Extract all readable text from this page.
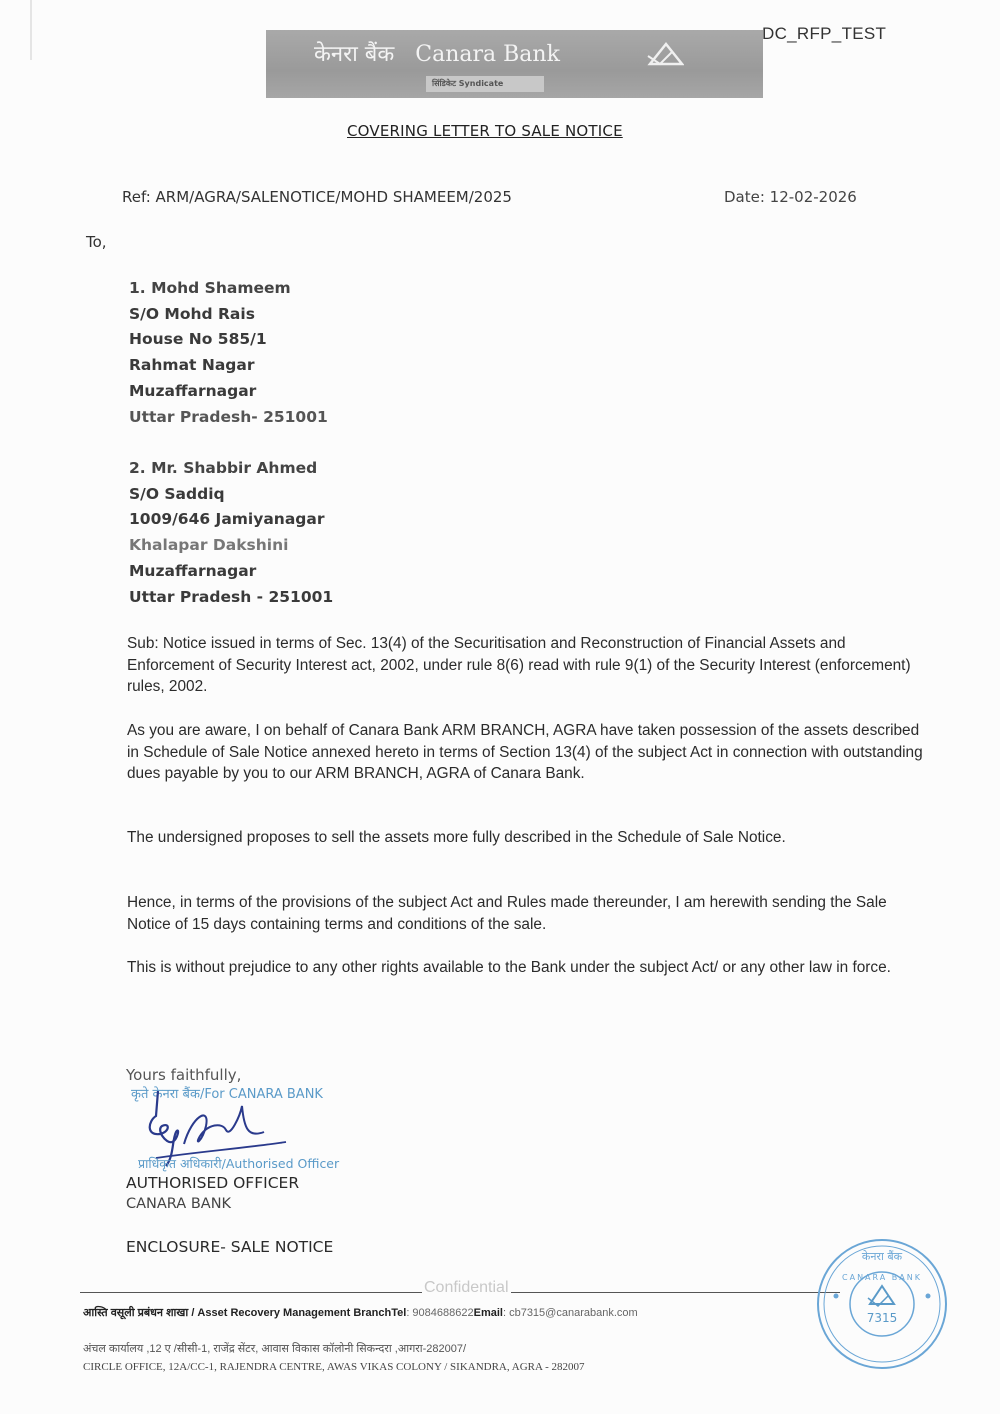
केनरा बैंक Canara Bank
सिंडिकेट Syndicate
DC_RFP_TEST
COVERING LETTER TO SALE NOTICE
Ref: ARM/AGRA/SALENOTICE/MOHD SHAMEEM/2025	Date: 12-02-2026
To,
1. Mohd Shameem
S/O Mohd Rais
House No 585/1
Rahmat Nagar
Muzaffarnagar
Uttar Pradesh- 251001
2. Mr. Shabbir Ahmed
S/O Saddiq
1009/646 Jamiyanagar
Khalapar Dakshini
Muzaffarnagar
Uttar Pradesh - 251001
Sub: Notice issued in terms of Sec. 13(4) of the Securitisation and Reconstruction of Financial Assets and Enforcement of Security Interest act, 2002, under rule 8(6) read with rule 9(1) of the Security Interest (enforcement) rules, 2002.
As you are aware, I on behalf of Canara Bank ARM BRANCH, AGRA have taken possession of the assets described in Schedule of Sale Notice annexed hereto in terms of Section 13(4) of the subject Act in connection with outstanding dues payable by you to our ARM BRANCH, AGRA of Canara Bank.
The undersigned proposes to sell the assets more fully described in the Schedule of Sale Notice.
Hence, in terms of the provisions of the subject Act and Rules made thereunder, I am herewith sending the Sale Notice of 15 days containing terms and conditions of the sale.
This is without prejudice to any other rights available to the Bank under the subject Act/ or any other law in force.
Yours faithfully,
कृते केनरा बैंक/For CANARA BANK
प्राधिकृत अधिकारी/Authorised Officer
AUTHORISED OFFICER
CANARA BANK
ENCLOSURE- SALE NOTICE
Confidential
आस्ति वसूली प्रबंधन शाखा / Asset Recovery Management BranchTel: 9084688622Email: cb7315@canarabank.com
अंचल कार्यालय ,12 ए /सीसी-1, राजेंद्र सेंटर, आवास विकास कॉलोनी सिकन्दरा ,आगरा-282007/
CIRCLE OFFICE, 12A/CC-1, RAJENDRA CENTRE, AWAS VIKAS COLONY / SIKANDRA, AGRA - 282007
केनरा बैंक
CANARA BANK
7315
